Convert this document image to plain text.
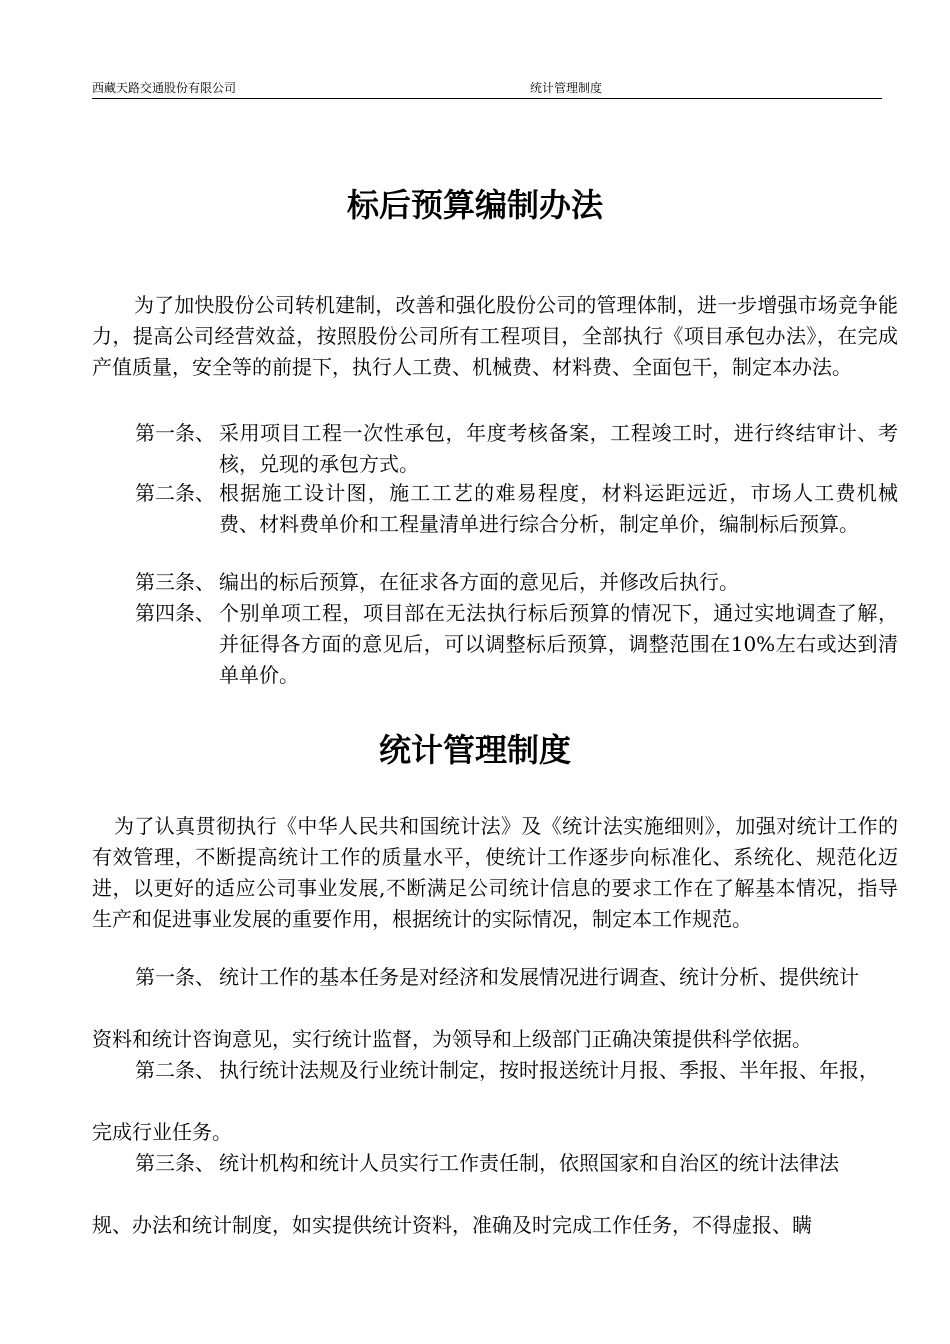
西藏天路交通股份有限公司	统计管理制度
标后预算编制办法

为了加快股份公司转机建制，改善和强化股份公司的管理体制，进一步增强市场竞争能力，提高公司经营效益，按照股份公司所有工程项目，全部执行《项目承包办法》，在完成产值质量，安全等的前提下，执行人工费、机械费、材料费、全面包干，制定本办法。

第一条、 采用项目工程一次性承包，年度考核备案，工程竣工时，进行终结审计、考核，兑现的承包方式。
第二条、 根据施工设计图，施工工艺的难易程度，材料运距远近，市场人工费机械费、材料费单价和工程量清单进行综合分析，制定单价，编制标后预算。
第三条、 编出的标后预算，在征求各方面的意见后，并修改后执行。
第四条、 个别单项工程，项目部在无法执行标后预算的情况下，通过实地调查了解，并征得各方面的意见后，可以调整标后预算，调整范围在10%左右或达到清单单价。
统计管理制度

为了认真贯彻执行《中华人民共和国统计法》及《统计法实施细则》，加强对统计工作的有效管理，不断提高统计工作的质量水平，使统计工作逐步向标准化、系统化、规范化迈进，以更好的适应公司事业发展,不断满足公司统计信息的要求工作在了解基本情况，指导生产和促进事业发展的重要作用，根据统计的实际情况，制定本工作规范。

第一条、 统计工作的基本任务是对经济和发展情况进行调查、统计分析、提供统计

资料和统计咨询意见，实行统计监督，为领导和上级部门正确决策提供科学依据。

第二条、 执行统计法规及行业统计制定，按时报送统计月报、季报、半年报、年报，

完成行业任务。

第三条、 统计机构和统计人员实行工作责任制，依照国家和自治区的统计法律法

规、办法和统计制度，如实提供统计资料，准确及时完成工作任务，不得虚报、瞒
